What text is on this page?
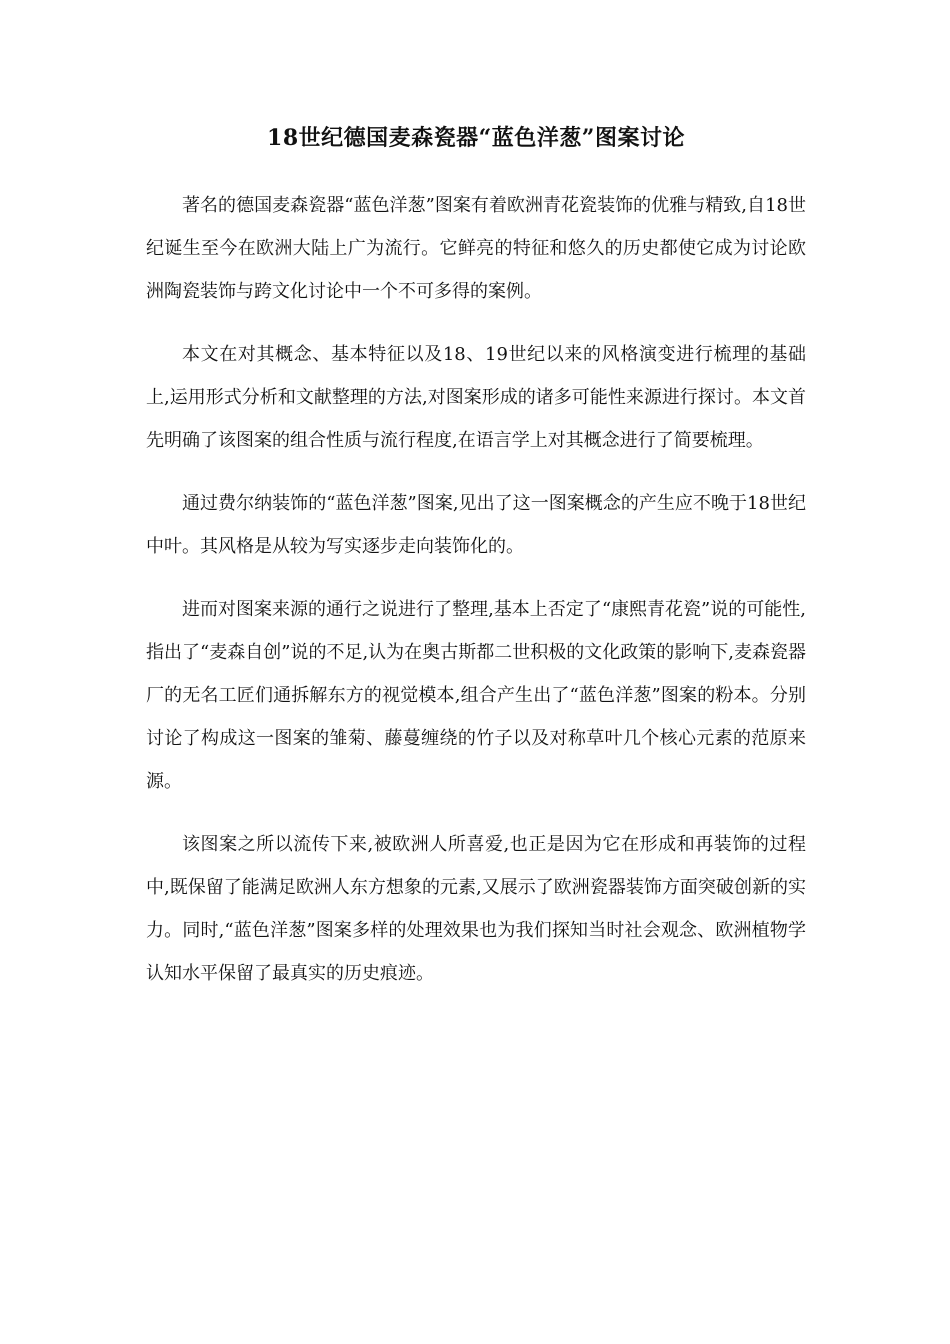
18世纪德国麦森瓷器“蓝色洋葱”图案讨论

著名的德国麦森瓷器“蓝色洋葱”图案有着欧洲青花瓷装饰的优雅与精致,自18世纪诞生至今在欧洲大陆上广为流行。它鲜亮的特征和悠久的历史都使它成为讨论欧洲陶瓷装饰与跨文化讨论中一个不可多得的案例。

本文在对其概念、基本特征以及18、19世纪以来的风格演变进行梳理的基础上,运用形式分析和文献整理的方法,对图案形成的诸多可能性来源进行探讨。本文首先明确了该图案的组合性质与流行程度,在语言学上对其概念进行了简要梳理。

通过费尔纳装饰的“蓝色洋葱”图案,见出了这一图案概念的产生应不晚于18世纪中叶。其风格是从较为写实逐步走向装饰化的。

进而对图案来源的通行之说进行了整理,基本上否定了“康熙青花瓷”说的可能性,指出了“麦森自创”说的不足,认为在奥古斯都二世积极的文化政策的影响下,麦森瓷器厂的无名工匠们通拆解东方的视觉模本,组合产生出了“蓝色洋葱”图案的粉本。分别讨论了构成这一图案的雏菊、藤蔓缠绕的竹子以及对称草叶几个核心元素的范原来源。

该图案之所以流传下来,被欧洲人所喜爱,也正是因为它在形成和再装饰的过程中,既保留了能满足欧洲人东方想象的元素,又展示了欧洲瓷器装饰方面突破创新的实力。同时,“蓝色洋葱”图案多样的处理效果也为我们探知当时社会观念、欧洲植物学认知水平保留了最真实的历史痕迹。
